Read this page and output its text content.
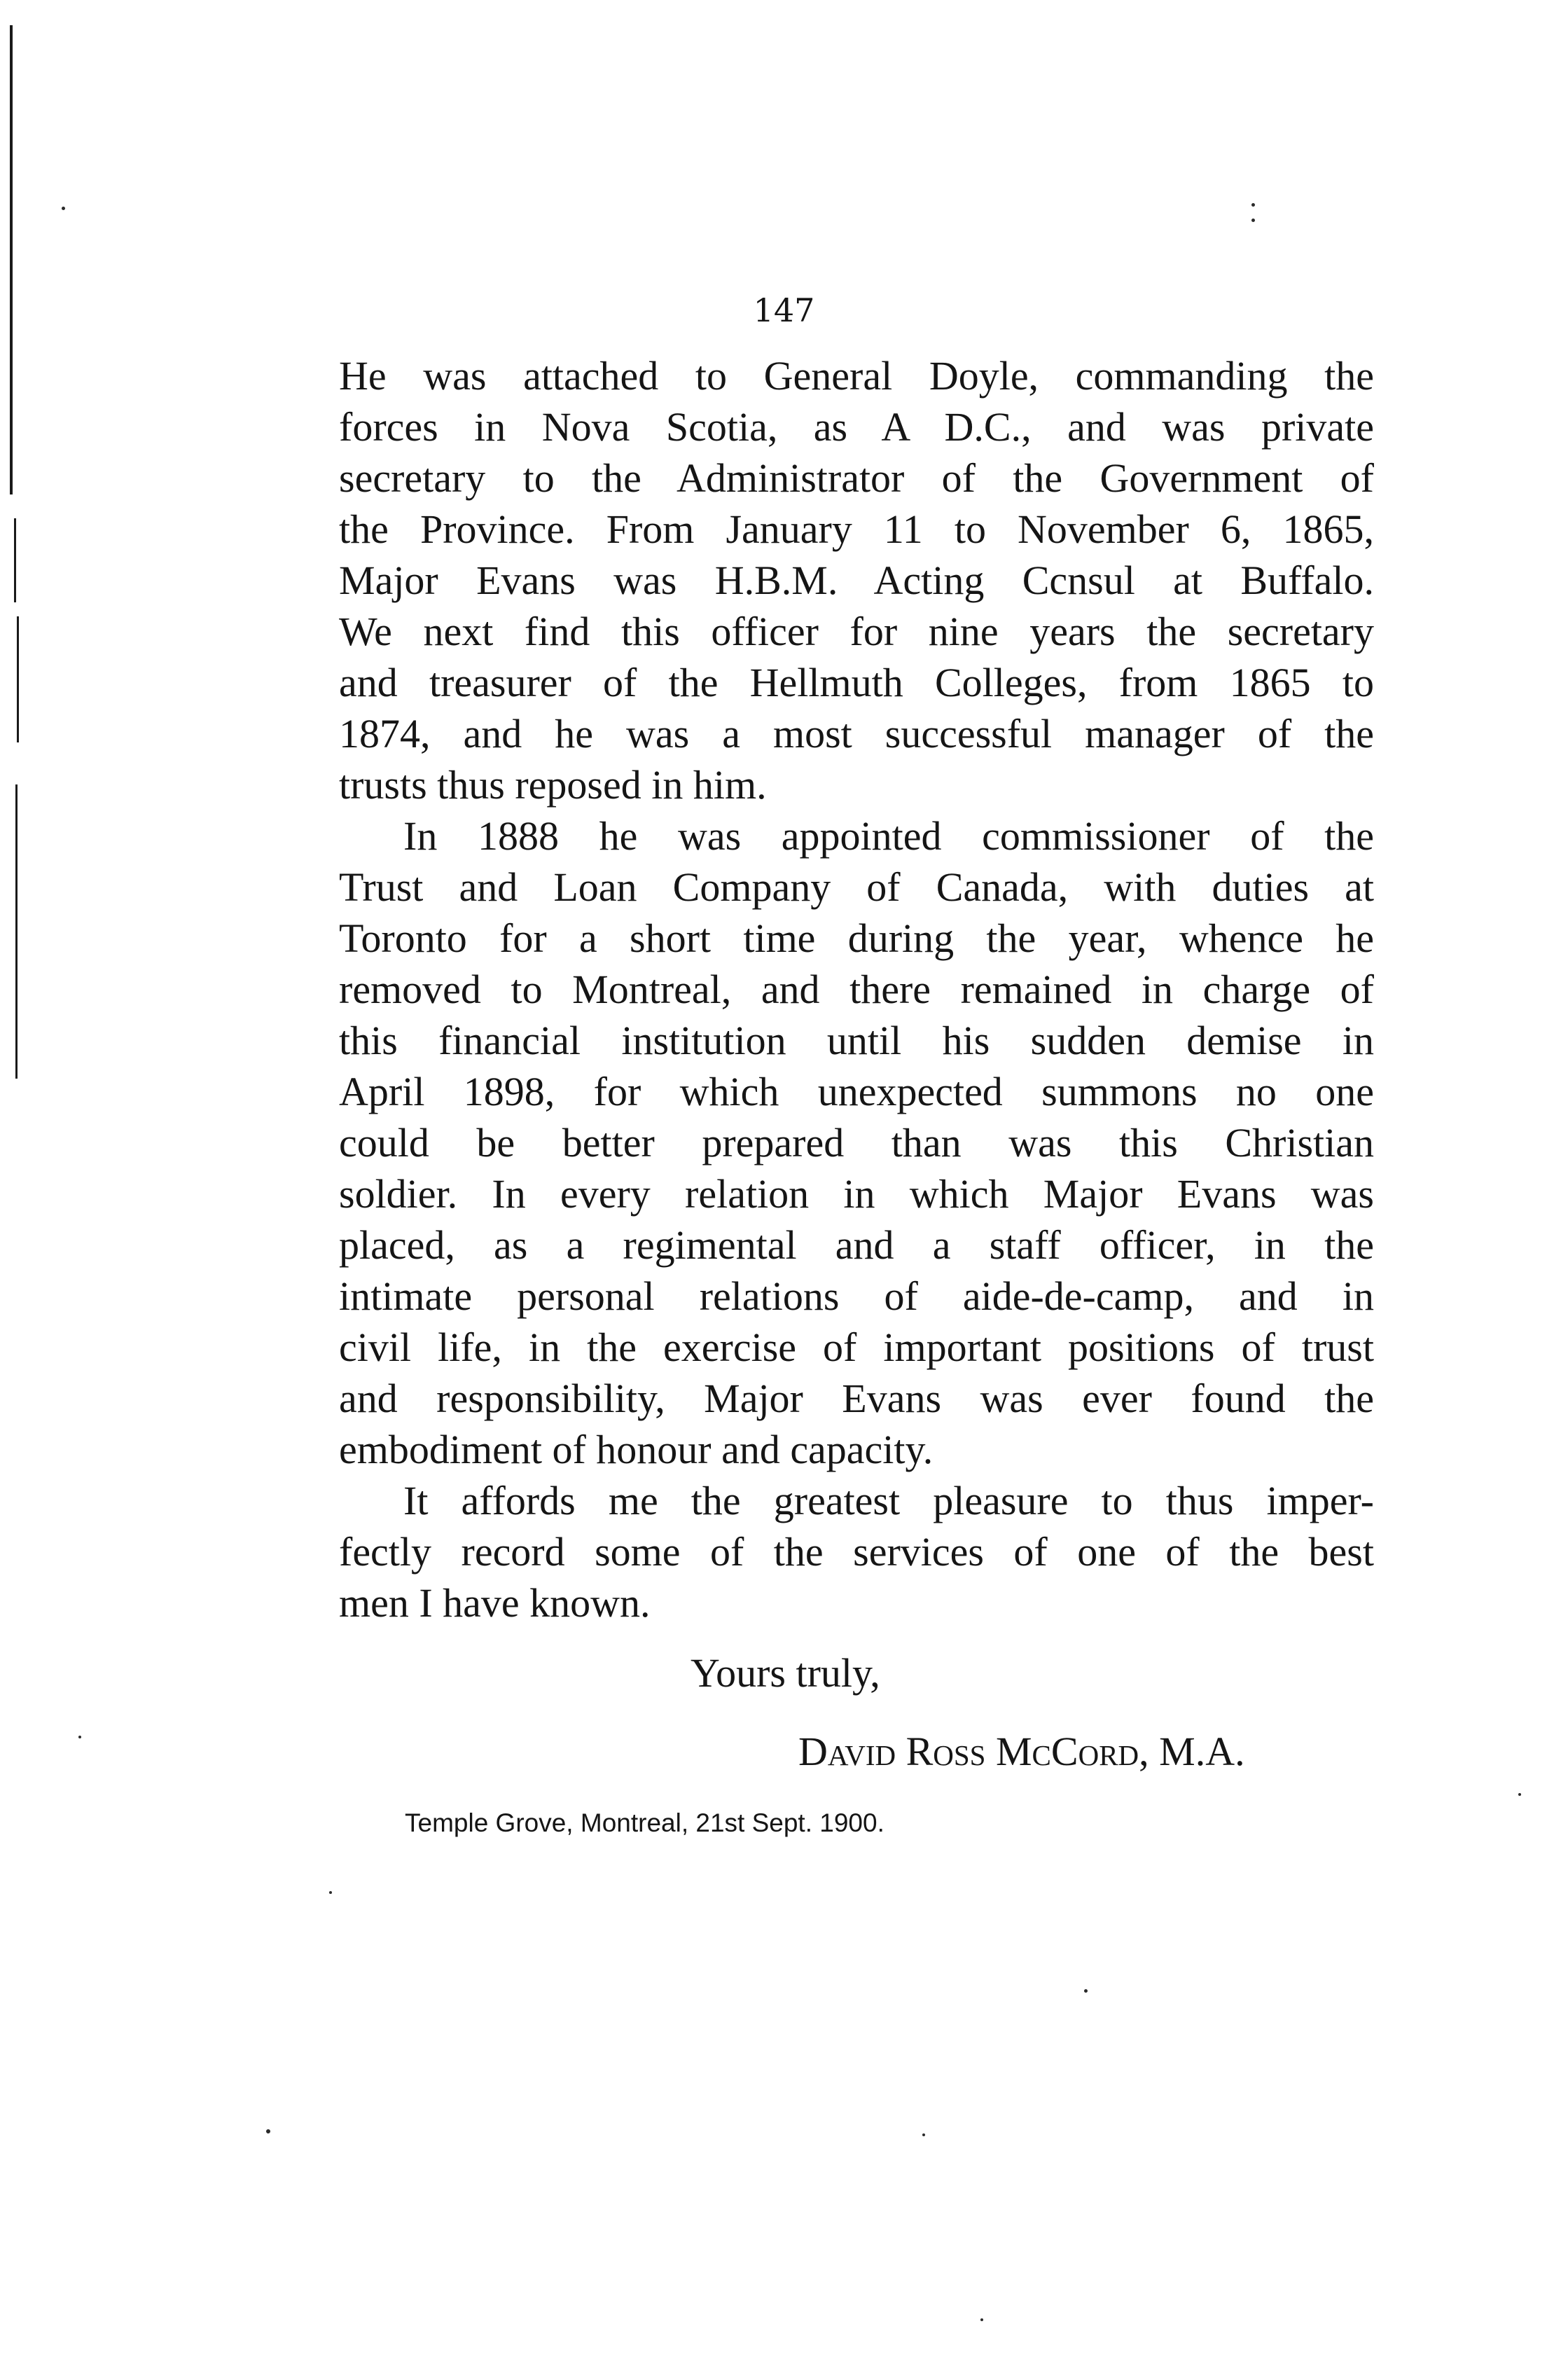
147
He was attached to General Doyle, commanding the
forces in Nova Scotia, as A D.C., and was private
secretary to the Administrator of the Government of
the Province. From January 11 to November 6, 1865,
Major Evans was H.B.M. Acting Ccnsul at Buffalo.
We next find this officer for nine years the secretary
and treasurer of the Hellmuth Colleges, from 1865 to
1874, and he was a most successful manager of the
trusts thus reposed in him.
In 1888 he was appointed commissioner of the
Trust and Loan Company of Canada, with duties at
Toronto for a short time during the year, whence he
removed to Montreal, and there remained in charge of
this financial institution until his sudden demise in
April 1898, for which unexpected summons no one
could be better prepared than was this Christian
soldier. In every relation in which Major Evans was
placed, as a regimental and a staff officer, in the
intimate personal relations of aide-de-camp, and in
civil life, in the exercise of important positions of trust
and responsibility, Major Evans was ever found the
embodiment of honour and capacity.
It affords me the greatest pleasure to thus imper-
fectly record some of the services of one of the best
men I have known.
Yours truly,
David Ross McCord, M.A.
Temple Grove, Montreal, 21st Sept. 1900.
